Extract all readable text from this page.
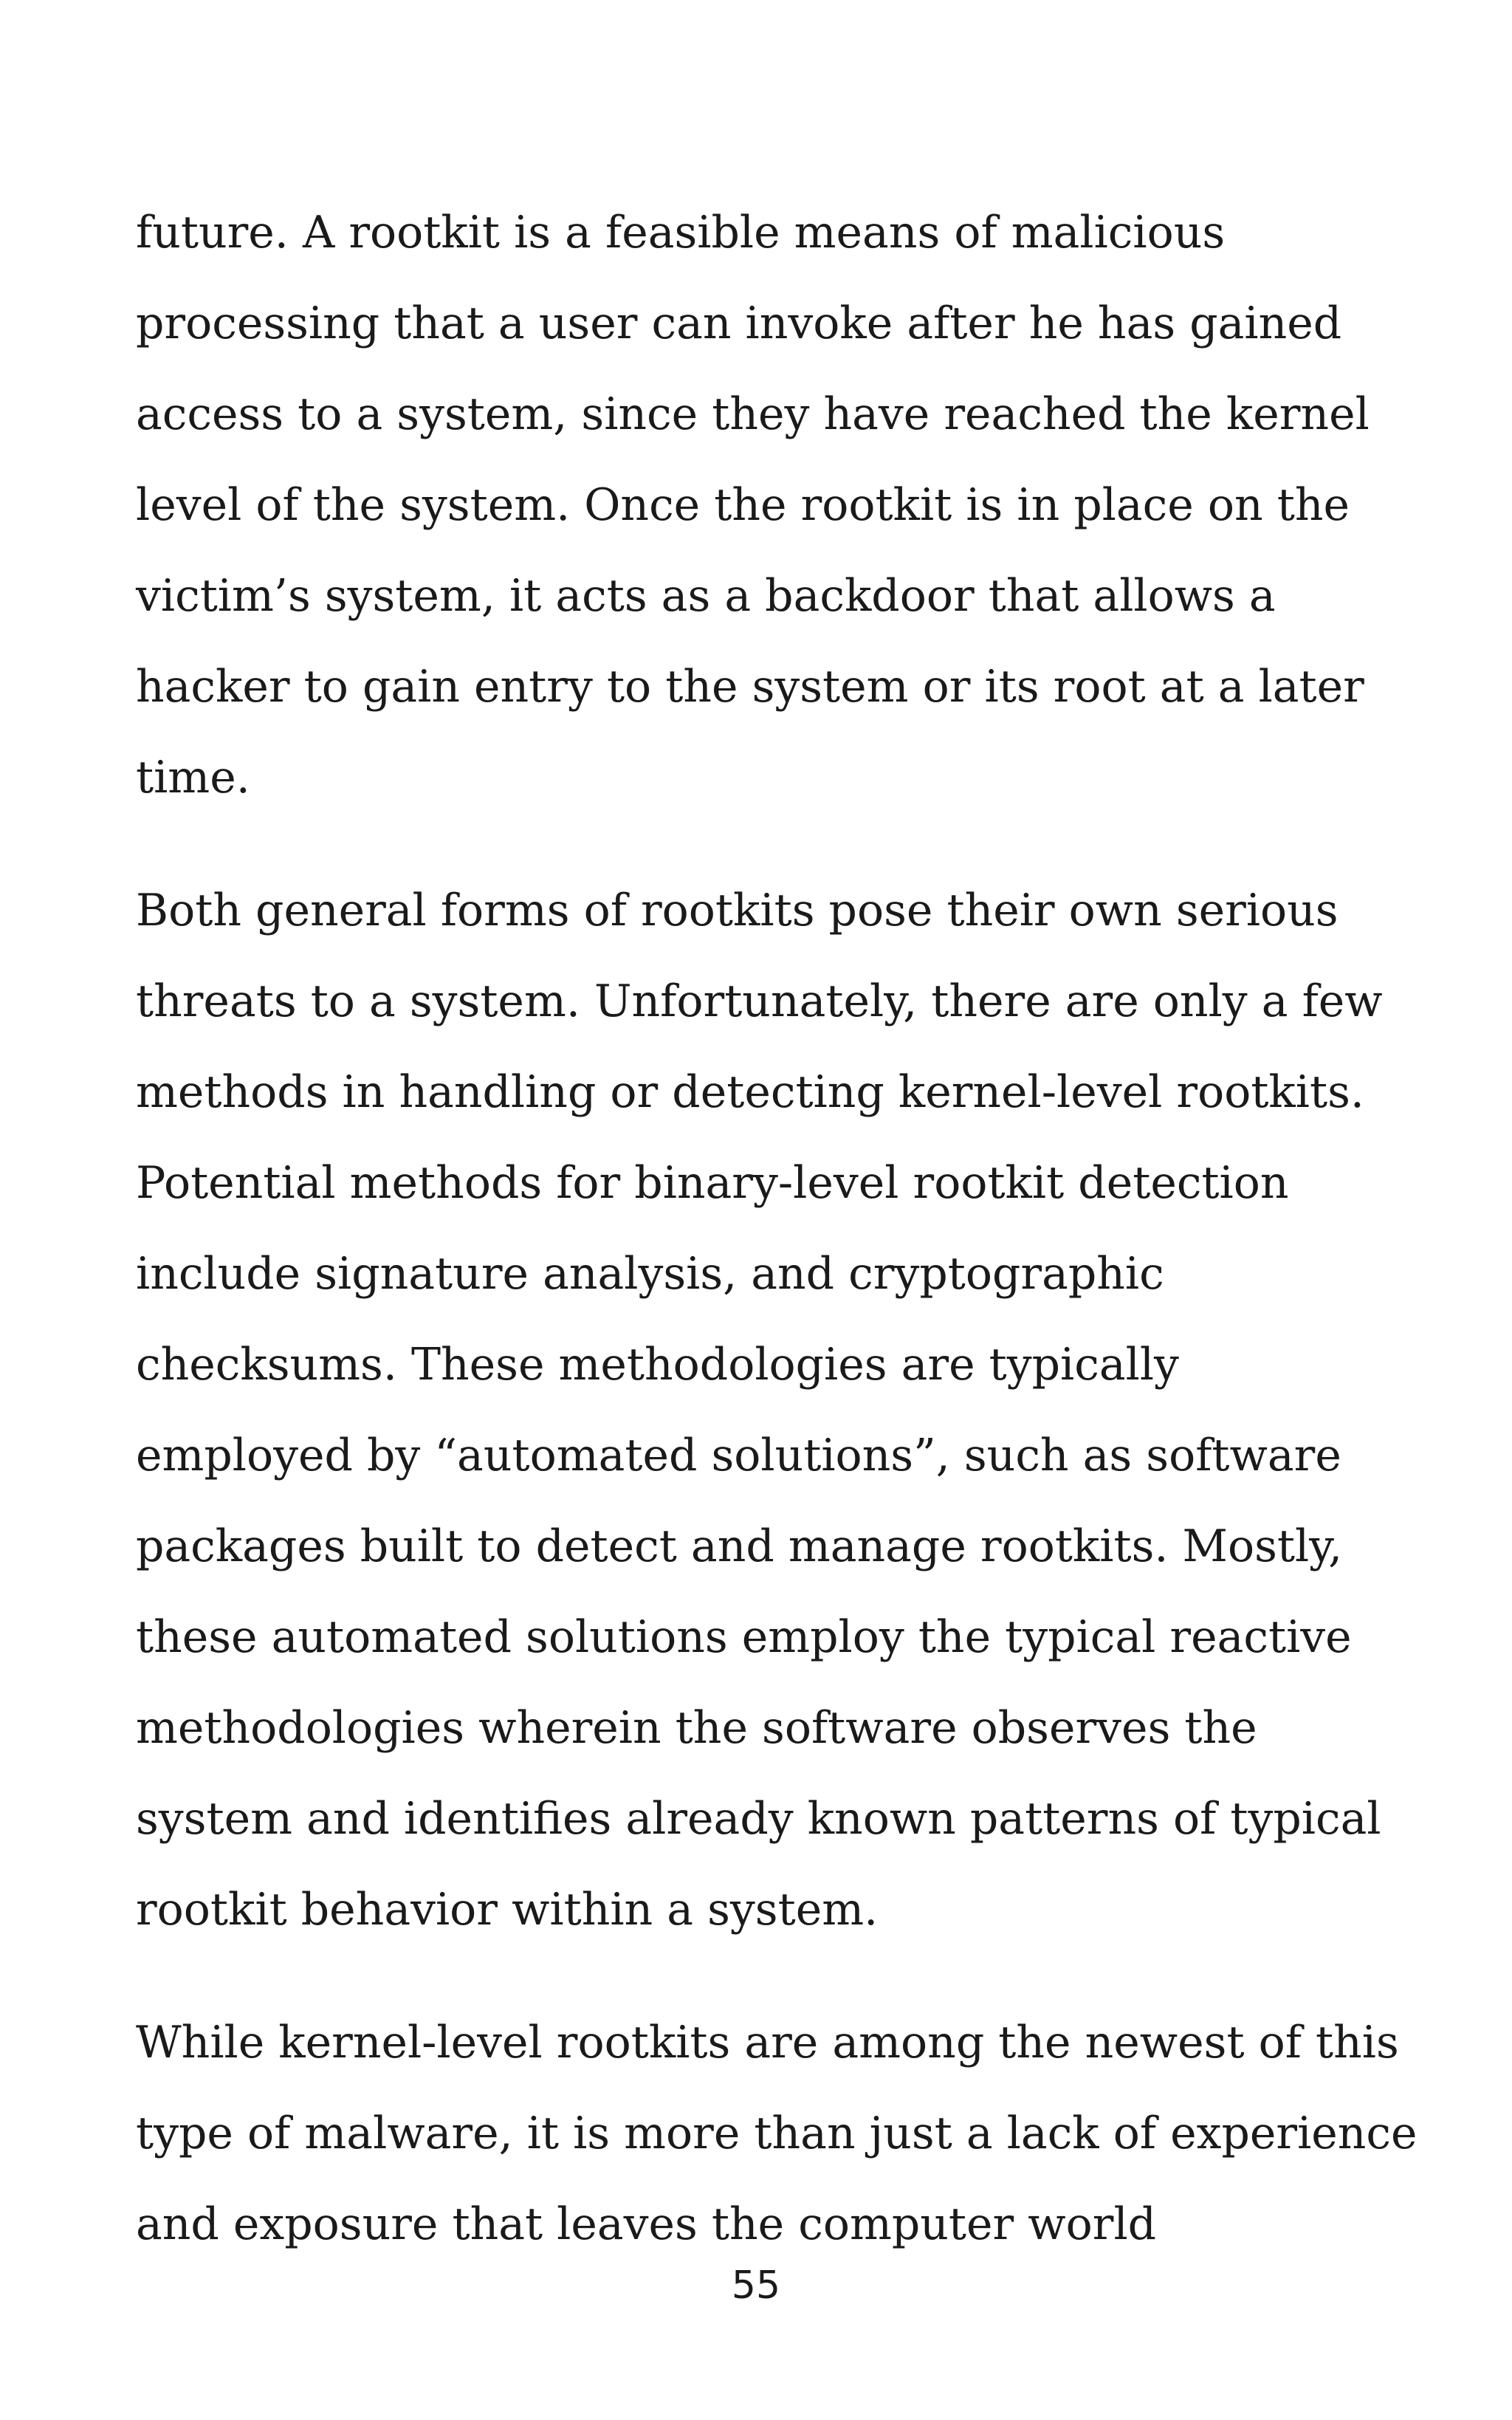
future. A rootkit is a feasible means of malicious
processing that a user can invoke after he has gained
access to a system, since they have reached the kernel
level of the system. Once the rootkit is in place on the
victim’s system, it acts as a backdoor that allows a
hacker to gain entry to the system or its root at a later
time.

Both general forms of rootkits pose their own serious
threats to a system. Unfortunately, there are only a few
methods in handling or detecting kernel-level rootkits.
Potential methods for binary-level rootkit detection
include signature analysis, and cryptographic
checksums. These methodologies are typically
employed by “automated solutions”, such as software
packages built to detect and manage rootkits. Mostly,
these automated solutions employ the typical reactive
methodologies wherein the software observes the
system and identifies already known patterns of typical
rootkit behavior within a system.

While kernel-level rootkits are among the newest of this
type of malware, it is more than just a lack of experience
and exposure that leaves the computer world

55
